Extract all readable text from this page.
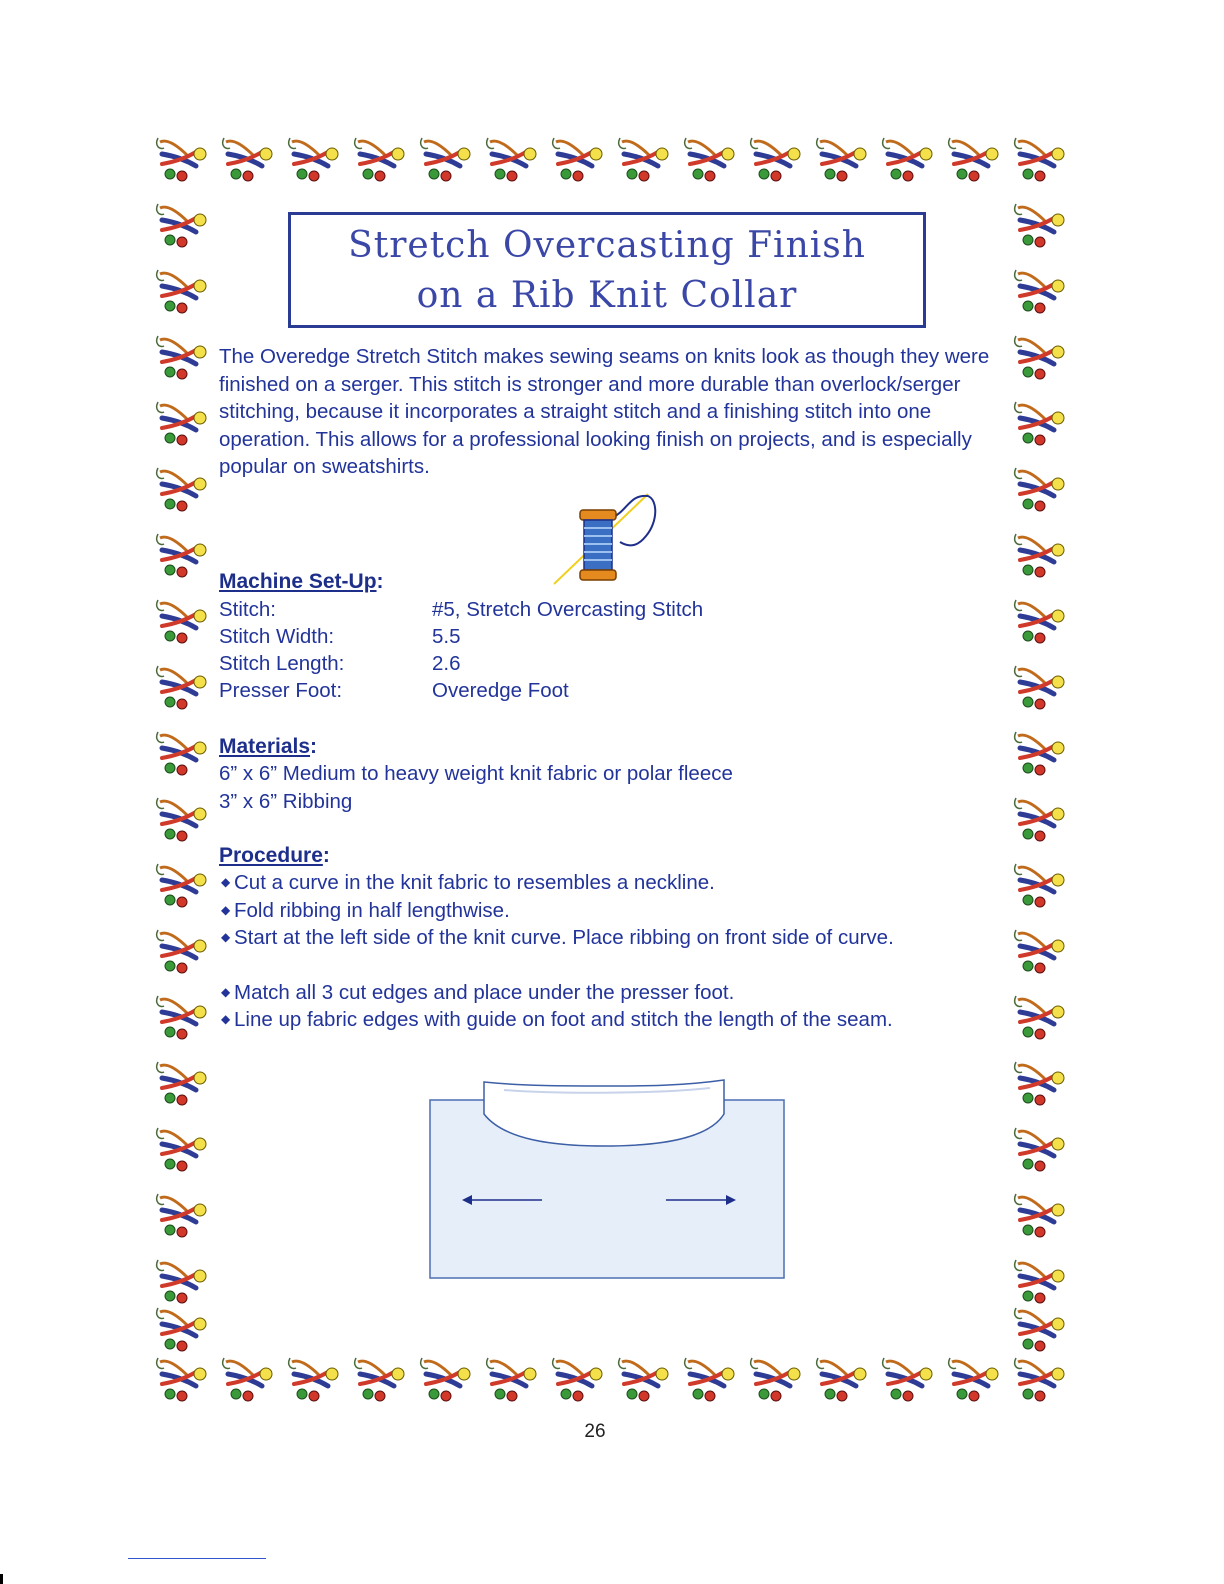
Stretch Overcasting Finish
on a Rib Knit Collar

The Overedge Stretch Stitch makes sewing seams on knits look as though they were finished on a serger. This stitch is stronger and more durable than overlock/serger stitching, because it incorporates a straight stitch and a finishing stitch into one operation. This allows for a professional looking finish on projects, and is especially popular on sweatshirts.

Machine Set-Up:
Stitch:	#5, Stretch Overcasting Stitch
Stitch Width:	5.5
Stitch Length:	2.6
Presser Foot:	Overedge Foot
Materials:
6” x 6” Medium to heavy weight knit fabric or polar fleece
3” x 6” Ribbing
Procedure:
◆ Cut a curve in the knit fabric to resembles a neckline.
◆ Fold ribbing in half lengthwise.
◆ Start at the left side of the knit curve. Place ribbing on front side of curve.
◆ Match all 3 cut edges and place under the presser foot.
◆ Line up fabric edges with guide on foot and stitch the length of the seam.
26
